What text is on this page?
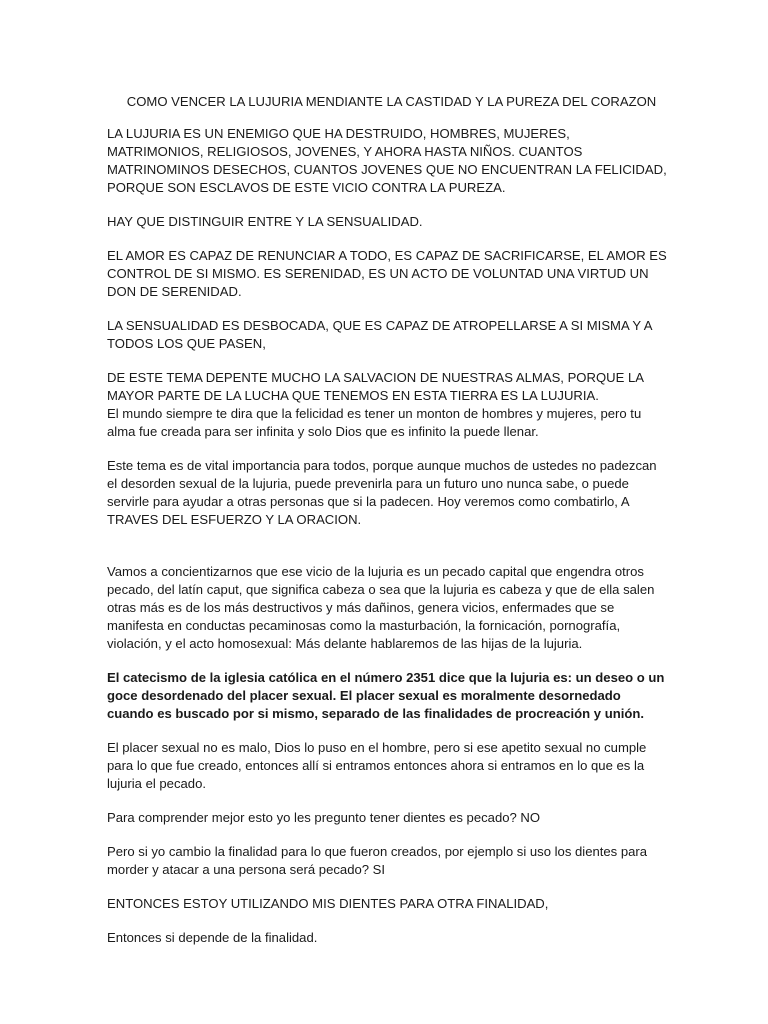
COMO VENCER LA LUJURIA MENDIANTE LA CASTIDAD Y LA PUREZA DEL CORAZON

LA LUJURIA ES UN ENEMIGO QUE HA DESTRUIDO, HOMBRES, MUJERES, MATRIMONIOS, RELIGIOSOS, JOVENES, Y AHORA HASTA NIÑOS. CUANTOS MATRINOMINOS DESECHOS, CUANTOS JOVENES QUE NO ENCUENTRAN LA FELICIDAD, PORQUE SON ESCLAVOS DE ESTE VICIO CONTRA LA PUREZA.

HAY QUE DISTINGUIR ENTRE Y LA SENSUALIDAD.

EL AMOR ES CAPAZ DE RENUNCIAR A TODO, ES CAPAZ DE SACRIFICARSE, EL AMOR ES CONTROL DE SI MISMO. ES SERENIDAD, ES UN ACTO DE VOLUNTAD UNA VIRTUD UN DON DE SERENIDAD.

LA SENSUALIDAD ES DESBOCADA, QUE ES CAPAZ DE ATROPELLARSE A SI MISMA Y A TODOS LOS QUE PASEN,

DE ESTE TEMA DEPENTE MUCHO LA SALVACION DE NUESTRAS ALMAS, PORQUE LA MAYOR PARTE DE LA LUCHA QUE TENEMOS EN ESTA TIERRA ES LA LUJURIA.

El mundo siempre te dira que la felicidad es tener un monton de hombres y mujeres, pero tu alma fue creada para ser infinita y solo Dios que es infinito la puede llenar.

Este tema es de vital importancia para todos, porque aunque muchos de ustedes no padezcan el desorden sexual de la lujuria, puede prevenirla para un futuro uno nunca sabe, o puede servirle para ayudar a otras personas que si la padecen. Hoy veremos como combatirlo, A TRAVES DEL ESFUERZO Y LA ORACION.

Vamos a concientizarnos que ese vicio de la lujuria es un pecado capital que engendra otros pecado, del latín caput, que significa cabeza o sea que la lujuria es cabeza y que de ella salen otras más es de los más destructivos y más dañinos, genera vicios, enfermades que se manifesta en conductas pecaminosas como la masturbación, la fornicación, pornografía, violación, y el acto homosexual: Más delante hablaremos de las hijas de la lujuria.

El catecismo de la iglesia católica en el número 2351 dice que la lujuria es: un deseo o un goce desordenado del placer sexual. El placer sexual es moralmente desornedado cuando es buscado por si mismo, separado de las finalidades de procreación y unión.

El placer sexual no es malo, Dios lo puso en el hombre, pero si ese apetito sexual no cumple para lo que fue creado, entonces allí si entramos entonces ahora si entramos en lo que es la lujuria el pecado.

Para comprender mejor esto yo les pregunto tener dientes es pecado? NO

Pero si yo cambio la finalidad para lo que fueron creados, por ejemplo si uso los dientes para morder y atacar a una persona será pecado? SI

ENTONCES ESTOY UTILIZANDO MIS DIENTES PARA OTRA FINALIDAD,

Entonces si depende de la finalidad.
